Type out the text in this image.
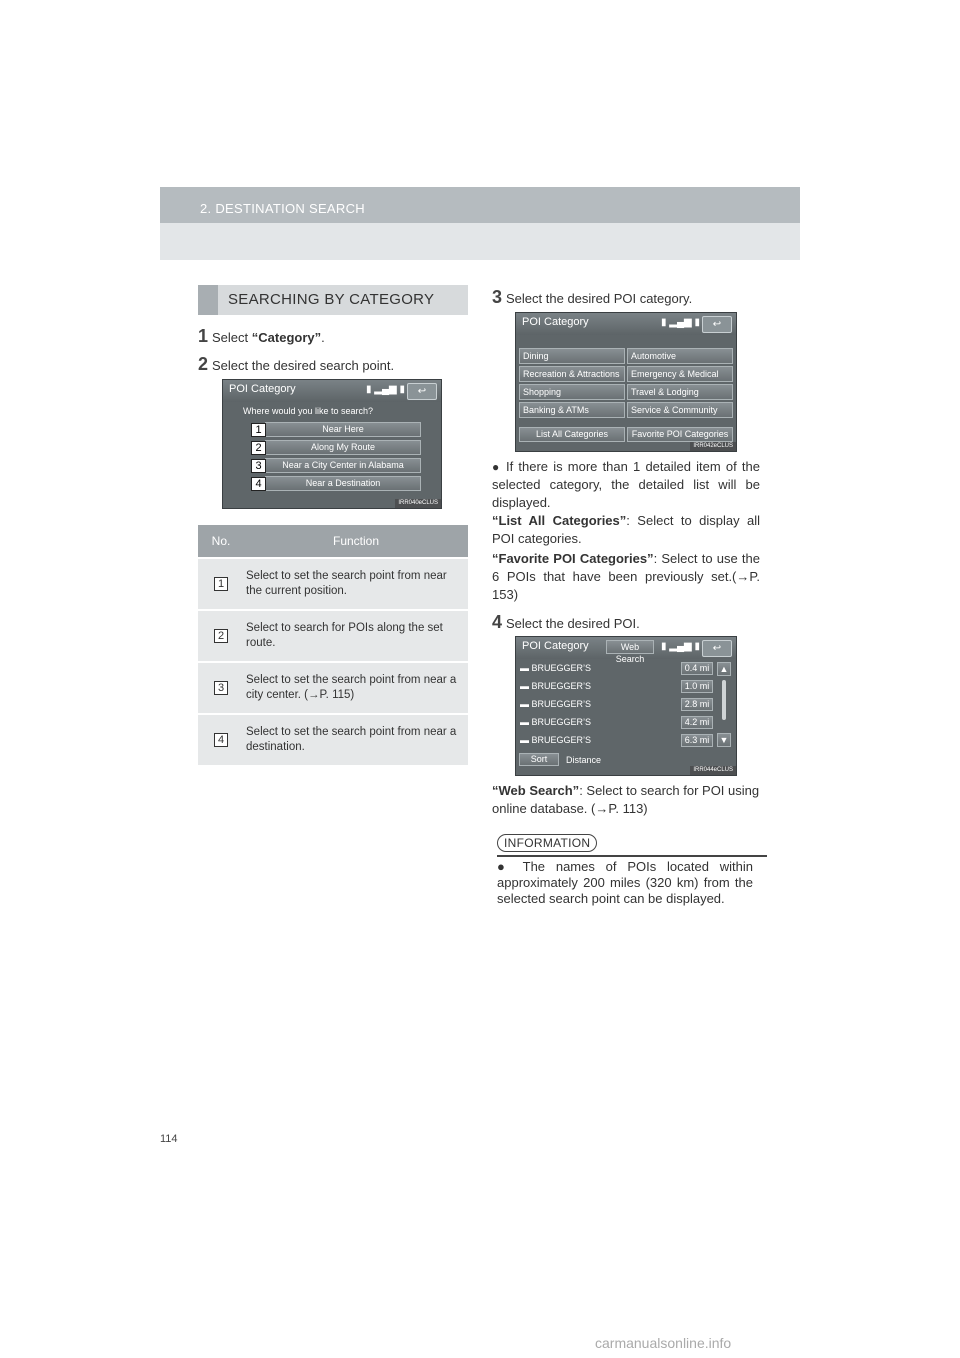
2. DESTINATION SEARCH
SEARCHING BY CATEGORY
1 Select “Category”.
2 Select the desired search point.
POI Category	▮ ▂▄▆ ▮	↩
Where would you like to search?
Near Here
Along My Route
Near a City Center in Alabama
Near a Destination
1
2
3
4
IRR040eCLUS
No.	Function
1	Select to set the search point from near the current position.
2	Select to search for POIs along the set route.
3	Select to set the search point from near a city center. (→P. 115)
4	Select to set the search point from near a destination.
3 Select the desired POI category.
POI Category	▮ ▂▄▆ ▮	↩
Dining	Automotive
Recreation & Attractions	Emergency & Medical
Shopping	Travel & Lodging
Banking & ATMs	Service & Community
List All Categories	Favorite POI Categories
IRR042eCLUS
● If there is more than 1 detailed item of the selected category, the detailed list will be displayed.
“List All Categories”: Select to display all POI categories.
“Favorite POI Categories”: Select to use the 6 POIs that have been previously set.(→P. 153)
4 Select the desired POI.
POI Category	Web Search
▮ ▂▄▆ ▮	↩
▬ BRUEGGER’S	0.4 mi
▬ BRUEGGER’S	1.0 mi
▬ BRUEGGER’S	2.8 mi
▬ BRUEGGER’S	4.2 mi
▬ BRUEGGER’S	6.3 mi
▲
▼
Sort	Distance
IRR044eCLUS
“Web Search”: Select to search for POI using online database. (→P. 113)
INFORMATION
● The names of POIs located within approximately 200 miles (320 km) from the selected search point can be displayed.
114
carmanualsonline.info
